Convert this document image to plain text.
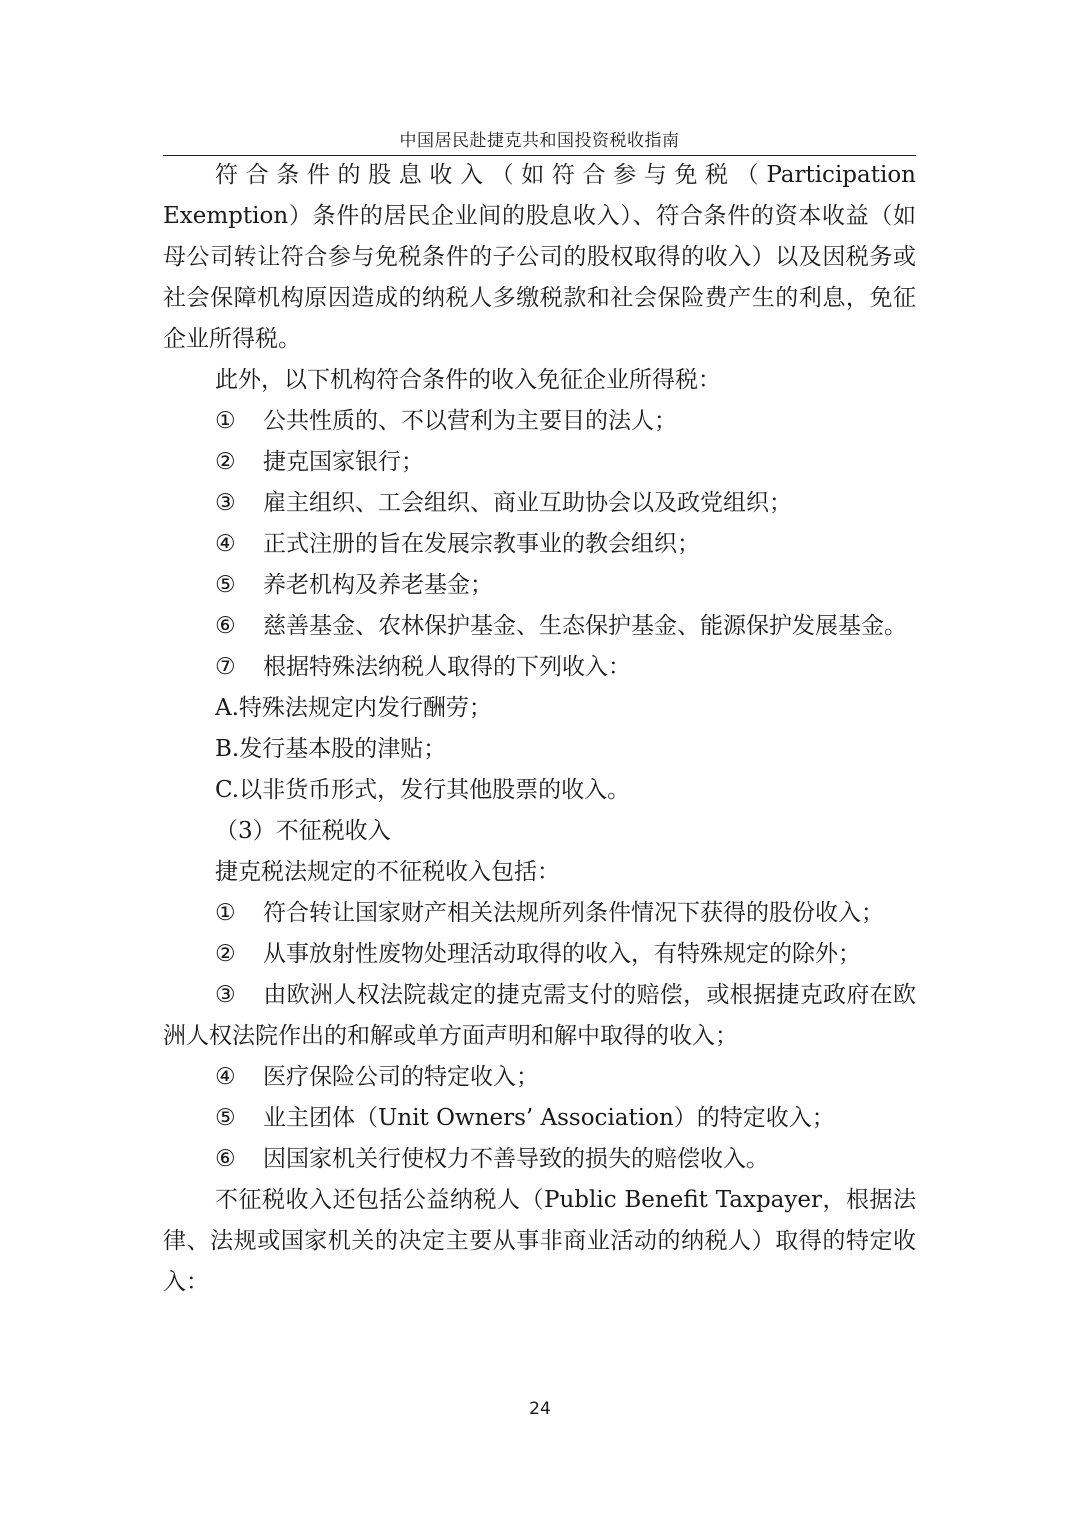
中国居民赴捷克共和国投资税收指南

符合条件的股息收入（如符合参与免税（Participation Exemption）条件的居民企业间的股息收入）、符合条件的资本收益（如母公司转让符合参与免税条件的子公司的股权取得的收入）以及因税务或社会保障机构原因造成的纳税人多缴税款和社会保险费产生的利息，免征企业所得税。

此外，以下机构符合条件的收入免征企业所得税：

① 公共性质的、不以营利为主要目的法人；

② 捷克国家银行；

③ 雇主组织、工会组织、商业互助协会以及政党组织；

④ 正式注册的旨在发展宗教事业的教会组织；

⑤ 养老机构及养老基金；

⑥ 慈善基金、农林保护基金、生态保护基金、能源保护发展基金。

⑦ 根据特殊法纳税人取得的下列收入：

A.特殊法规定内发行酬劳；

B.发行基本股的津贴；

C.以非货币形式，发行其他股票的收入。

（3）不征税收入

捷克税法规定的不征税收入包括：

① 符合转让国家财产相关法规所列条件情况下获得的股份收入；

② 从事放射性废物处理活动取得的收入，有特殊规定的除外；

③ 由欧洲人权法院裁定的捷克需支付的赔偿，或根据捷克政府在欧洲人权法院作出的和解或单方面声明和解中取得的收入；

④ 医疗保险公司的特定收入；

⑤ 业主团体（Unit Owners’ Association）的特定收入；

⑥ 因国家机关行使权力不善导致的损失的赔偿收入。

不征税收入还包括公益纳税人（Public Benefit Taxpayer，根据法律、法规或国家机关的决定主要从事非商业活动的纳税人）取得的特定收入：

24
